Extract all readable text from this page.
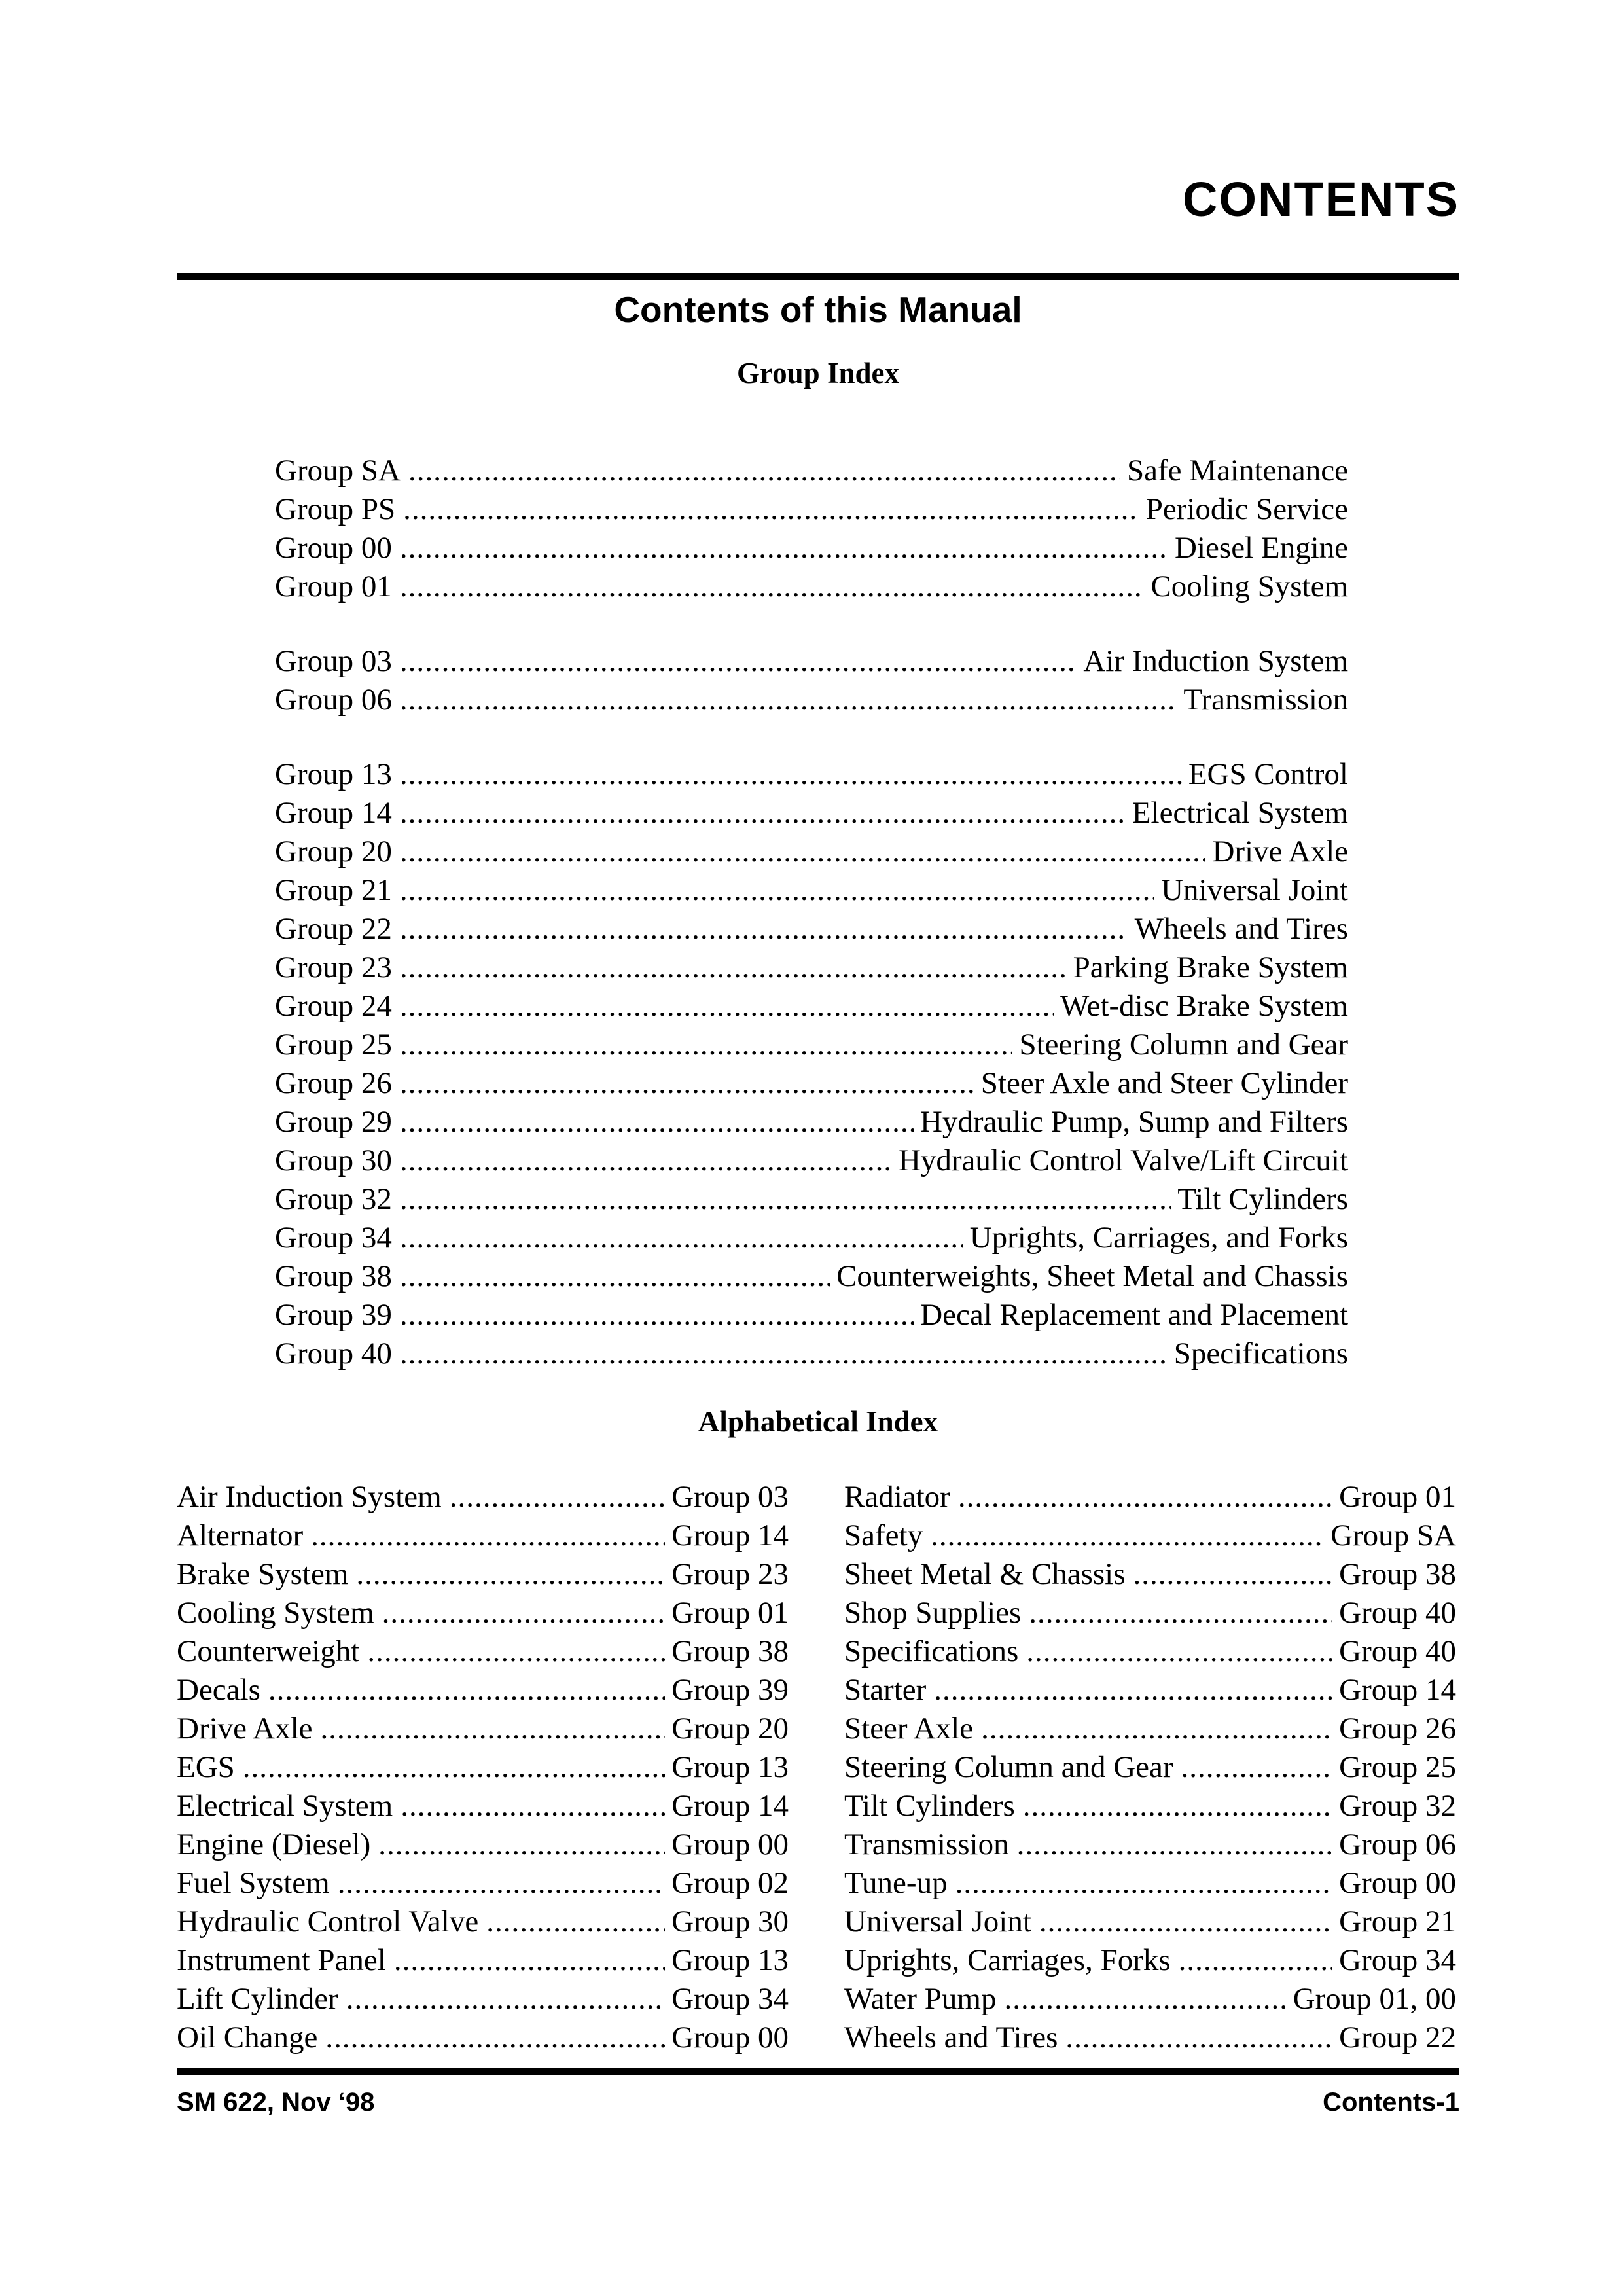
CONTENTS
Contents of this Manual
Group Index
Group SA .....	Safe Maintenance
Group PS .....	Periodic Service
Group 00 .....	Diesel Engine
Group 01 .....	Cooling System
Group 03 .....	Air Induction System
Group 06 .....	Transmission
Group 13 .....	EGS Control
Group 14 .....	Electrical System
Group 20 .....	Drive Axle
Group 21 .....	Universal Joint
Group 22 .....	Wheels and Tires
Group 23 .....	Parking Brake System
Group 24 .....	Wet-disc Brake System
Group 25 .....	Steering Column and Gear
Group 26 .....	Steer Axle and Steer Cylinder
Group 29 .....	Hydraulic Pump, Sump and Filters
Group 30 .....	Hydraulic Control Valve/Lift Circuit
Group 32 .....	Tilt Cylinders
Group 34 .....	Uprights, Carriages, and Forks
Group 38 .....	Counterweights, Sheet Metal and Chassis
Group 39 .....	Decal Replacement and Placement
Group 40 .....	Specifications
Alphabetical Index
Air Induction System .....	Group 03
Alternator .....	Group 14
Brake System .....	Group 23
Cooling System .....	Group 01
Counterweight .....	Group 38
Decals .....	Group 39
Drive Axle .....	Group 20
EGS .....	Group 13
Electrical System .....	Group 14
Engine (Diesel) .....	Group 00
Fuel System .....	Group 02
Hydraulic Control Valve .....	Group 30
Instrument Panel .....	Group 13
Lift Cylinder .....	Group 34
Oil Change .....	Group 00
Radiator .....	Group 01
Safety .....	Group SA
Sheet Metal & Chassis .....	Group 38
Shop Supplies .....	Group 40
Specifications .....	Group 40
Starter .....	Group 14
Steer Axle .....	Group 26
Steering Column and Gear .....	Group 25
Tilt Cylinders .....	Group 32
Transmission .....	Group 06
Tune-up .....	Group 00
Universal Joint .....	Group 21
Uprights, Carriages, Forks .....	Group 34
Water Pump .....	Group 01, 00
Wheels and Tires .....	Group 22
SM 622, Nov ‘98	Contents-1
